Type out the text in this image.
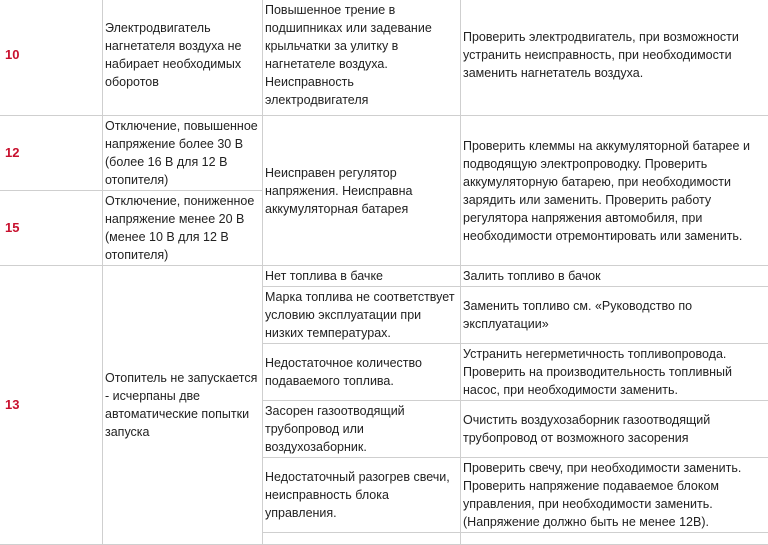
10	Электродвигатель нагнетателя воздуха не набирает необходимых оборотов	Повышенное трение в подшипниках или задевание крыльчатки за улитку в нагнетателе воздуха. Неисправность электродвигателя	Проверить электродвигатель, при возможности устранить неисправность, при необходимости заменить нагнетатель воздуха.
12	Отключение, повышенное напряжение более 30 В (более 16 В для 12 В отопителя)	Неисправен регулятор напряжения. Неисправна аккумуляторная батарея	Проверить клеммы на аккумуляторной батарее и подводящую электропроводку. Проверить аккумуляторную батарею, при необходимости зарядить или заменить. Проверить работу регулятора напряжения автомобиля, при необходимости отремонтировать или заменить.
15	Отключение, пониженное напряжение менее 20 В (менее 10 В для 12 В отопителя)		
13	Отопитель не запускается - исчерпаны две автоматические попытки запуска	Нет топлива в бачке	Залить топливо в бачок
		Марка топлива не соответствует условию эксплуатации при низких температурах.	Заменить топливо см. «Руководство по эксплуатации»
		Недостаточное количество подаваемого топлива.	Устранить негерметичность топливопровода. Проверить на производительность топливный насос, при необходимости заменить.
		Засорен газоотводящий трубопровод или воздухозаборник.	Очистить воздухозаборник газоотводящий трубопровод от возможного засорения
		Недостаточный разогрев свечи, неисправность блока управления.	Проверить свечу, при необходимости заменить. Проверить напряжение подаваемое блоком управления, при необходимости заменить. (Напряжение должно быть не менее 12В).
